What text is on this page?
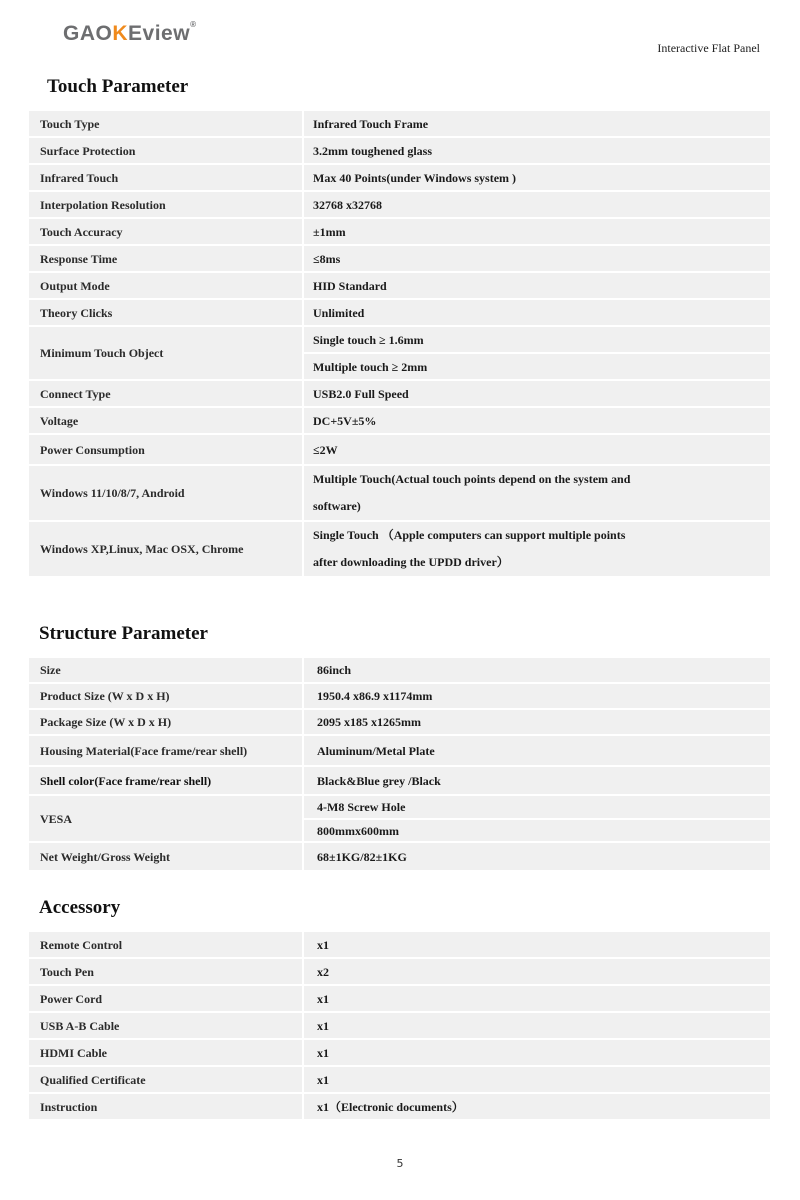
GAOKEview®
Interactive Flat Panel
Touch Parameter
Touch Type	Infrared Touch Frame
Surface Protection	3.2mm toughened glass
Infrared Touch	Max 40 Points(under Windows system )
Interpolation Resolution	32768 x32768
Touch Accuracy	±1mm
Response Time	≤8ms
Output Mode	HID Standard
Theory Clicks	Unlimited
Minimum Touch Object	Single touch ≥ 1.6mm
	Multiple touch ≥ 2mm
Connect Type	USB2.0 Full Speed
Voltage	DC+5V±5%
Power Consumption	≤2W
Windows 11/10/8/7, Android	Multiple Touch(Actual touch points depend on the system and software)
Windows XP,Linux, Mac OSX, Chrome	Single Touch （Apple computers can support multiple points after downloading the UPDD driver）
Structure Parameter
Size	86inch
Product Size (W x D x H)	1950.4 x86.9 x1174mm
Package Size (W x D x H)	2095 x185 x1265mm
Housing Material(Face frame/rear shell)	Aluminum/Metal Plate
Shell color(Face frame/rear shell)	Black&Blue grey /Black
VESA	4-M8 Screw Hole
	800mmx600mm
Net Weight/Gross Weight	68±1KG/82±1KG
Accessory
Remote Control	x1
Touch Pen	x2
Power Cord	x1
USB A-B Cable	x1
HDMI Cable	x1
Qualified Certificate	x1
Instruction	x1（Electronic documents）
5
